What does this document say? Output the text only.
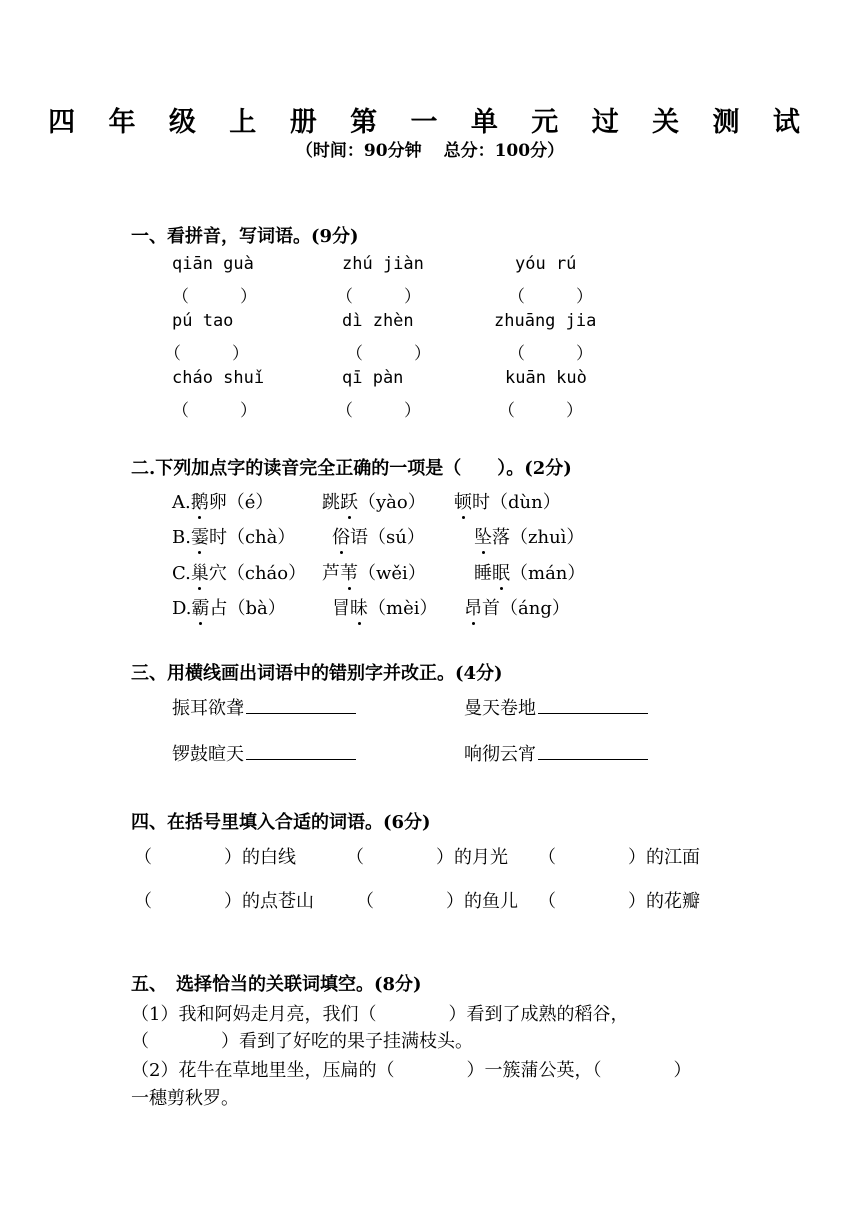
四 年 级 上 册 第 一 单 元 过 关 测 试
（时间：90分钟 总分：100分）
一、看拼音，写词语。(9分)
qiān guà	zhú jiàn	yóu rú
（　　　）	（　　　）	（　　　）
pú tao	dì zhèn	zhuāng jia
（　　　）	（　　　）	（　　　）
cháo shuǐ	qī pàn	kuān kuò
（　　　）	（　　　）	（　　　）
二.下列加点字的读音完全正确的一项是（　　）。(2分)
A.鹅卵（é）	跳跃（yào） 顿时（dùn）
B.霎时（chà） 俗语（sú）	坠落（zhuì）
C.巢穴（cháo） 芦苇（wěi）	睡眠（mán）
D.霸占（bà）	冒昧（mèi） 昂首（áng）
三、用横线画出词语中的错别字并改正。(4分)
振耳欲聋	曼天卷地
锣鼓暄天	响彻云宵
四、在括号里填入合适的词语。(6分)
（　　　　）的白线	（　　　　）的月光 （　　　　）的江面
（　　　　）的点苍山 （　　　　）的鱼儿 （　　　　）的花瓣
五、　选择恰当的关联词填空。(8分)
（1）我和阿妈走月亮，我们（　　　　）看到了成熟的稻谷，
（　　　　）看到了好吃的果子挂满枝头。
（2）花牛在草地里坐，压扁的（　　　　）一簇蒲公英，（　　　　）
一穗剪秋罗。
